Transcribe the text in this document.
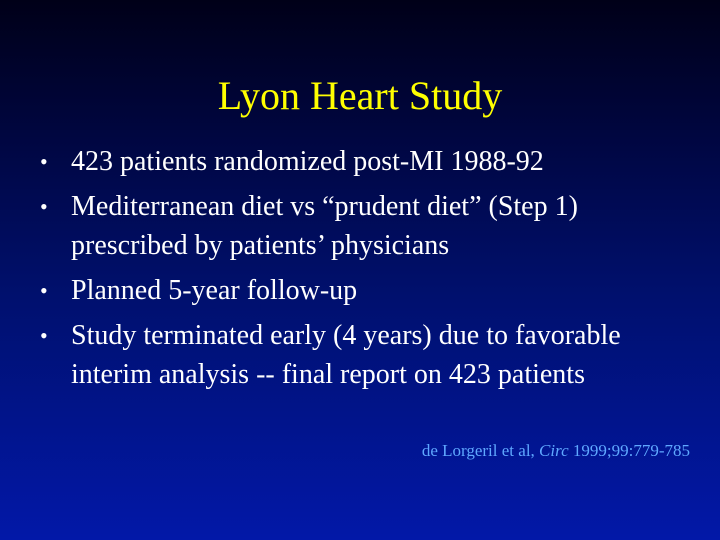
Lyon Heart Study
• 423 patients randomized post-MI 1988-92
• Mediterranean diet vs “prudent diet” (Step 1) prescribed by patients’ physicians
• Planned 5-year follow-up
• Study terminated early (4 years) due to favorable interim analysis -- final report on 423 patients
de Lorgeril et al, Circ 1999;99:779-785
